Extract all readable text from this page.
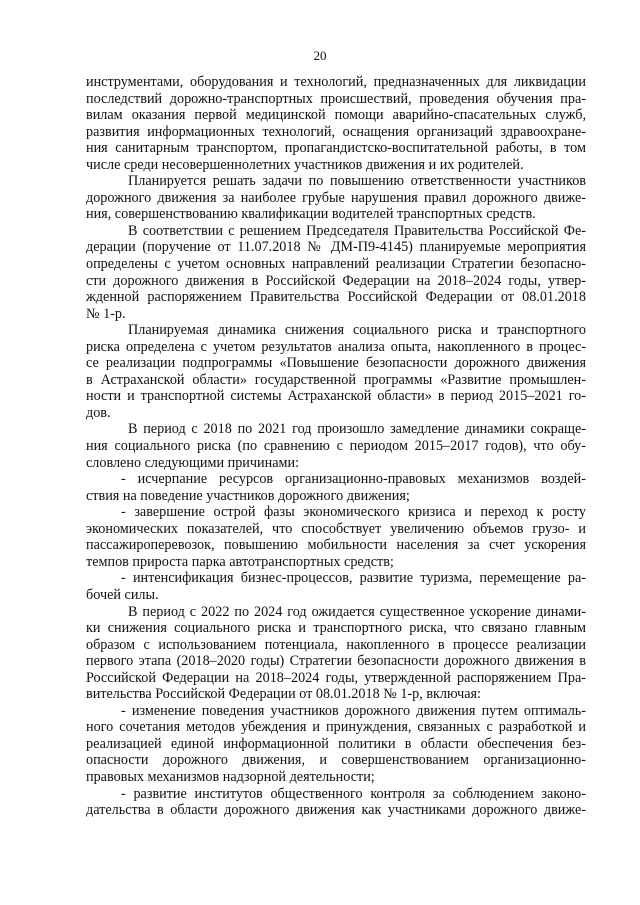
20
инструментами, оборудования и технологий, предназначенных для ликвидации
последствий дорожно-транспортных происшествий, проведения обучения пра-
вилам оказания первой медицинской помощи аварийно-спасательных служб,
развития информационных технологий, оснащения организаций здравоохране-
ния санитарным транспортом, пропагандистско-воспитательной работы, в том
числе среди несовершеннолетних участников движения и их родителей.
Планируется решать задачи по повышению ответственности участников
дорожного движения за наиболее грубые нарушения правил дорожного движе-
ния, совершенствованию квалификации водителей транспортных средств.
В соответствии с решением Председателя Правительства Российской Фе-
дерации (поручение от 11.07.2018 № ДМ-П9-4145) планируемые мероприятия
определены с учетом основных направлений реализации Стратегии безопасно-
сти дорожного движения в Российской Федерации на 2018–2024 годы, утвер-
жденной распоряжением Правительства Российской Федерации от 08.01.2018
№ 1-р.
Планируемая динамика снижения социального риска и транспортного
риска определена с учетом результатов анализа опыта, накопленного в процес-
се реализации подпрограммы «Повышение безопасности дорожного движения
в Астраханской области» государственной программы «Развитие промышлен-
ности и транспортной системы Астраханской области» в период 2015–2021 го-
дов.
В период с 2018 по 2021 год произошло замедление динамики сокраще-
ния социального риска (по сравнению с периодом 2015–2017 годов), что обу-
словлено следующими причинами:
- исчерпание ресурсов организационно-правовых механизмов воздей-
ствия на поведение участников дорожного движения;
- завершение острой фазы экономического кризиса и переход к росту
экономических показателей, что способствует увеличению объемов грузо- и
пассажироперевозок, повышению мобильности населения за счет ускорения
темпов прироста парка автотранспортных средств;
- интенсификация бизнес-процессов, развитие туризма, перемещение ра-
бочей силы.
В период с 2022 по 2024 год ожидается существенное ускорение динами-
ки снижения социального риска и транспортного риска, что связано главным
образом с использованием потенциала, накопленного в процессе реализации
первого этапа (2018–2020 годы) Стратегии безопасности дорожного движения в
Российской Федерации на 2018–2024 годы, утвержденной распоряжением Пра-
вительства Российской Федерации от 08.01.2018 № 1-р, включая:
- изменение поведения участников дорожного движения путем оптималь-
ного сочетания методов убеждения и принуждения, связанных с разработкой и
реализацией единой информационной политики в области обеспечения без-
опасности дорожного движения, и совершенствованием организационно-
правовых механизмов надзорной деятельности;
- развитие институтов общественного контроля за соблюдением законо-
дательства в области дорожного движения как участниками дорожного движе-
